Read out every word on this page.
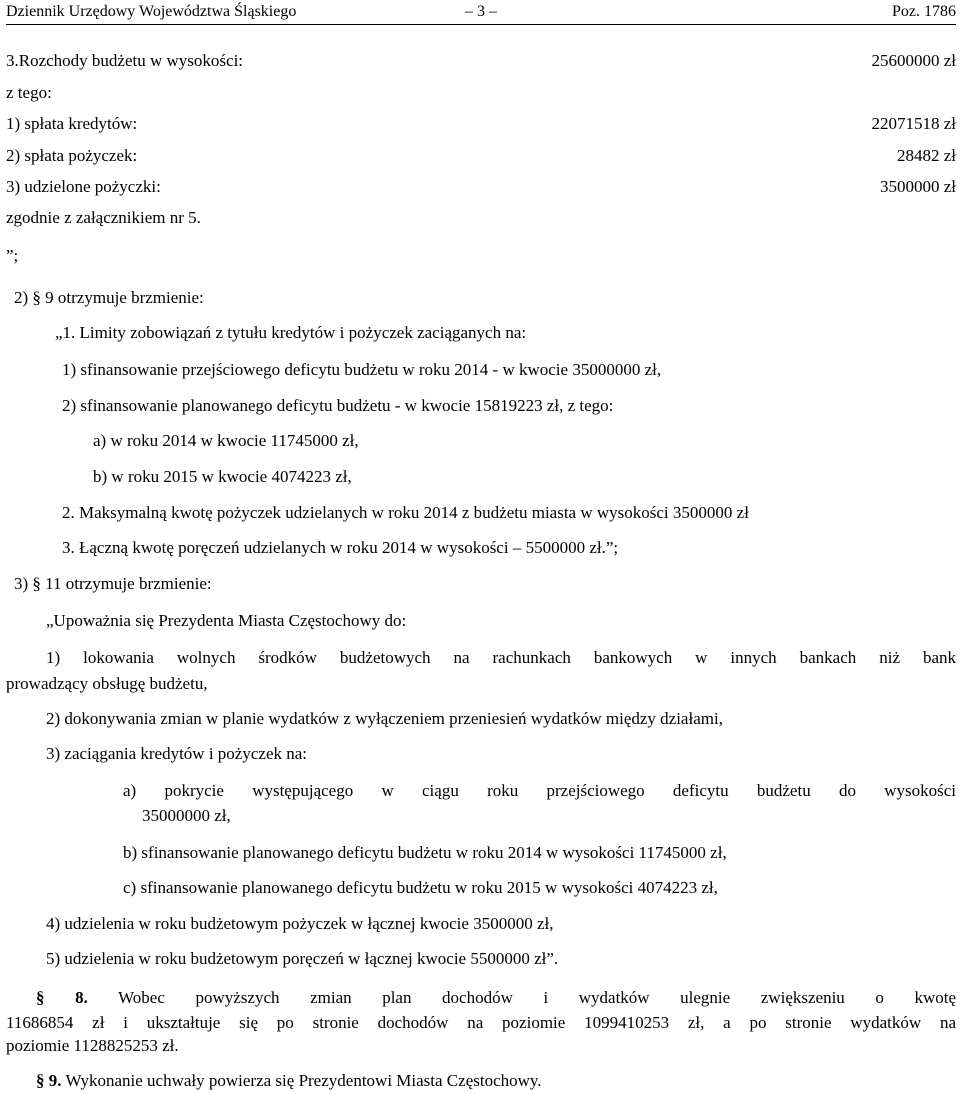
Dziennik Urzędowy Województwa Śląskiego	– 3 –	Poz. 1786
3.Rozchody budżetu w wysokości:	25600000 zł
z tego:
1) spłata kredytów:	22071518 zł
2) spłata pożyczek:	28482 zł
3) udzielone pożyczki:	3500000 zł
zgodnie z załącznikiem nr 5.
”;
2) § 9 otrzymuje brzmienie:
„1. Limity zobowiązań z tytułu kredytów i pożyczek zaciąganych na:
1) sfinansowanie przejściowego deficytu budżetu w roku 2014 - w kwocie 35000000 zł,
2) sfinansowanie planowanego deficytu budżetu - w kwocie 15819223 zł, z tego:
a) w roku 2014 w kwocie 11745000 zł,
b) w roku 2015 w kwocie 4074223 zł,
2. Maksymalną kwotę pożyczek udzielanych w roku 2014 z budżetu miasta w wysokości 3500000 zł
3. Łączną kwotę poręczeń udzielanych w roku 2014 w wysokości – 5500000 zł.”;
3) § 11 otrzymuje brzmienie:
„Upoważnia się Prezydenta Miasta Częstochowy do:
1) lokowania wolnych środków budżetowych na rachunkach bankowych w innych bankach niż bank
prowadzący obsługę budżetu,
2) dokonywania zmian w planie wydatków z wyłączeniem przeniesień wydatków między działami,
3) zaciągania kredytów i pożyczek na:
a) pokrycie występującego w ciągu roku przejściowego deficytu budżetu do wysokości
35000000 zł,
b) sfinansowanie planowanego deficytu budżetu w roku 2014 w wysokości 11745000 zł,
c) sfinansowanie planowanego deficytu budżetu w roku 2015 w wysokości 4074223 zł,
4) udzielenia w roku budżetowym pożyczek w łącznej kwocie 3500000 zł,
5) udzielenia w roku budżetowym poręczeń w łącznej kwocie 5500000 zł”.
§ 8. Wobec powyższych zmian plan dochodów i wydatków ulegnie zwiększeniu o kwotę
11686854 zł i ukształtuje się po stronie dochodów na poziomie 1099410253 zł, a po stronie wydatków na
poziomie 1128825253 zł.
§ 9. Wykonanie uchwały powierza się Prezydentowi Miasta Częstochowy.
